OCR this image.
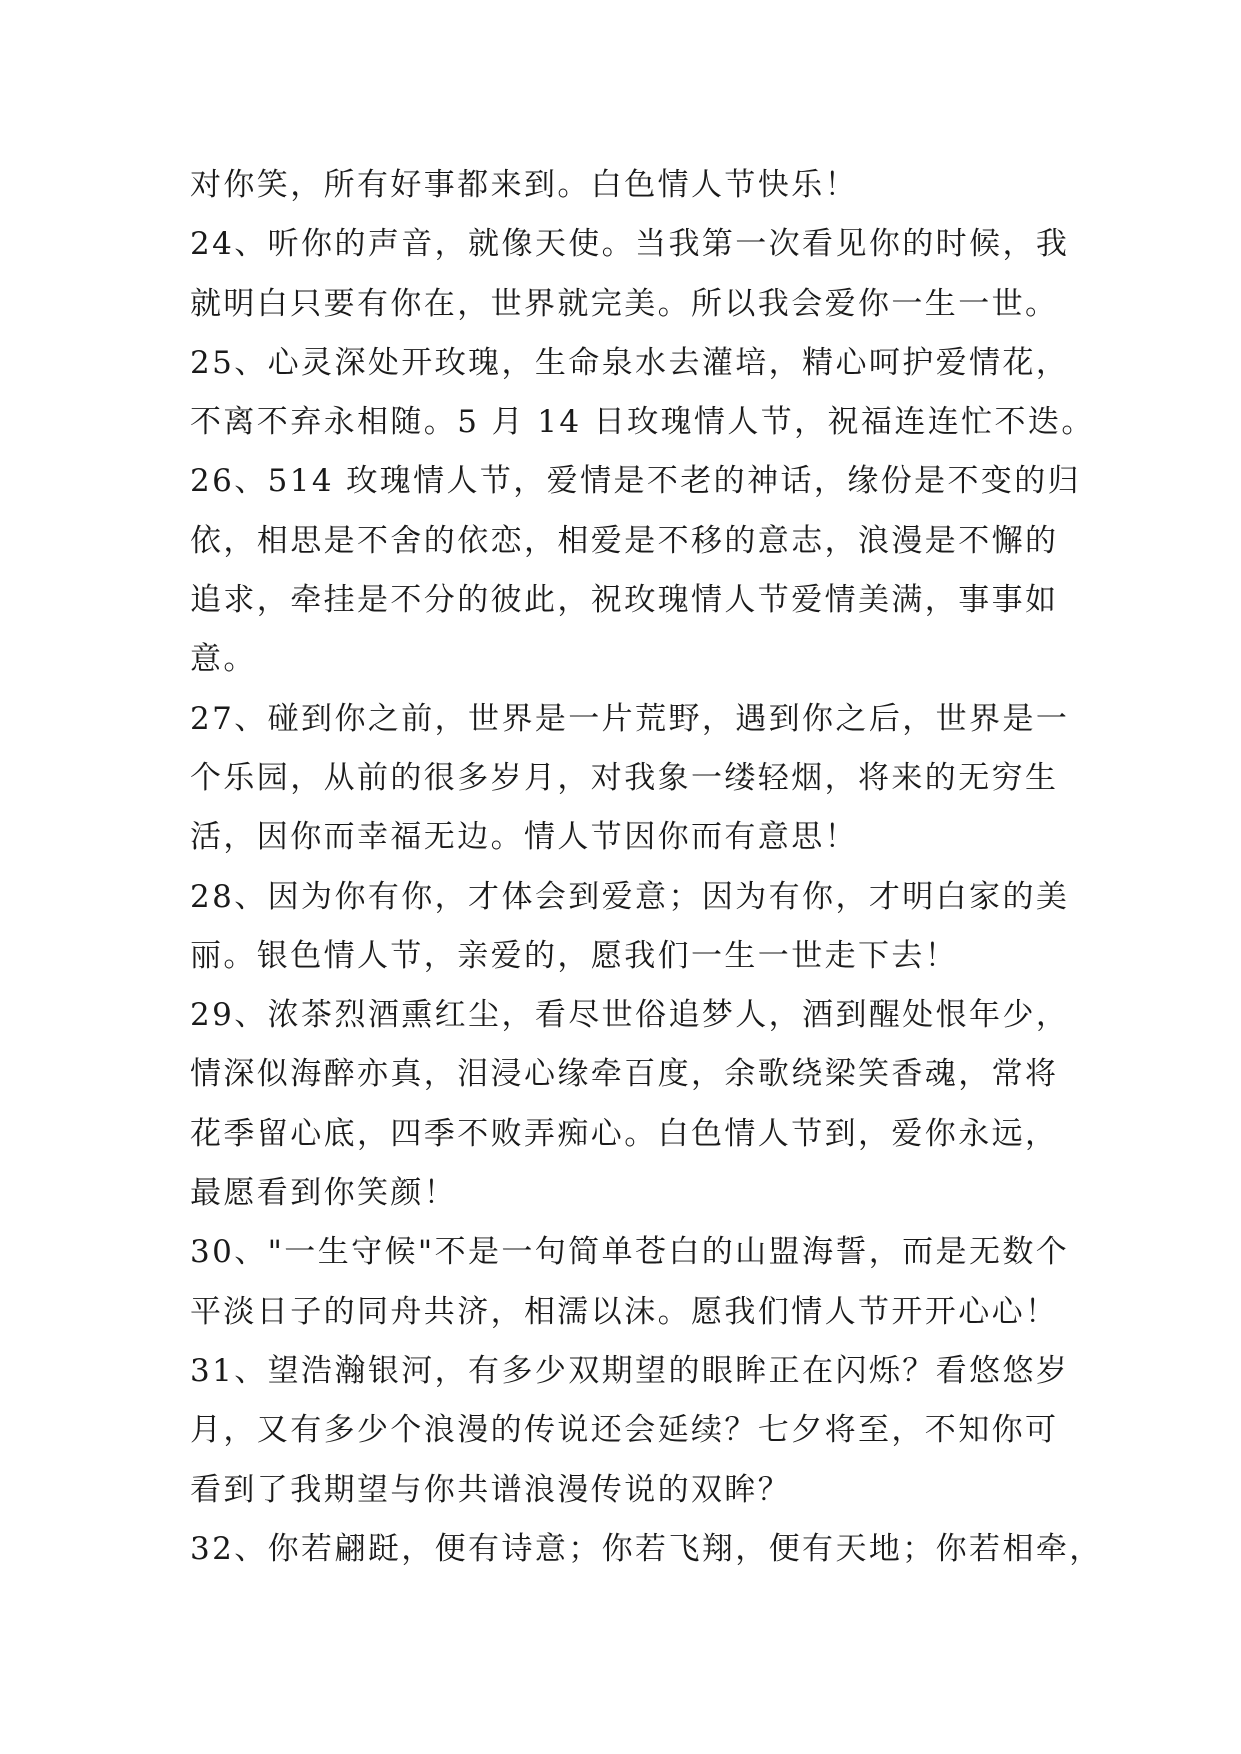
对你笑，所有好事都来到。白色情人节快乐！
24、听你的声音，就像天使。当我第一次看见你的时候，我
就明白只要有你在，世界就完美。所以我会爱你一生一世。
25、心灵深处开玫瑰，生命泉水去灌培，精心呵护爱情花，
不离不弃永相随。5 月 14 日玫瑰情人节，祝福连连忙不迭。
26、514 玫瑰情人节，爱情是不老的神话，缘份是不变的归
依，相思是不舍的依恋，相爱是不移的意志，浪漫是不懈的
追求，牵挂是不分的彼此，祝玫瑰情人节爱情美满，事事如
意。
27、碰到你之前，世界是一片荒野，遇到你之后，世界是一
个乐园，从前的很多岁月，对我象一缕轻烟，将来的无穷生
活，因你而幸福无边。情人节因你而有意思！
28、因为你有你，才体会到爱意；因为有你，才明白家的美
丽。银色情人节，亲爱的，愿我们一生一世走下去！
29、浓茶烈酒熏红尘，看尽世俗追梦人，酒到醒处恨年少，
情深似海醉亦真，泪浸心缘牵百度，余歌绕梁笑香魂，常将
花季留心底，四季不败弄痴心。白色情人节到，爱你永远，
最愿看到你笑颜！
30、"一生守候"不是一句简单苍白的山盟海誓，而是无数个
平淡日子的同舟共济，相濡以沫。愿我们情人节开开心心！
31、望浩瀚银河，有多少双期望的眼眸正在闪烁？看悠悠岁
月，又有多少个浪漫的传说还会延续？七夕将至，不知你可
看到了我期望与你共谱浪漫传说的双眸？
32、你若翩跹，便有诗意；你若飞翔，便有天地；你若相牵，
